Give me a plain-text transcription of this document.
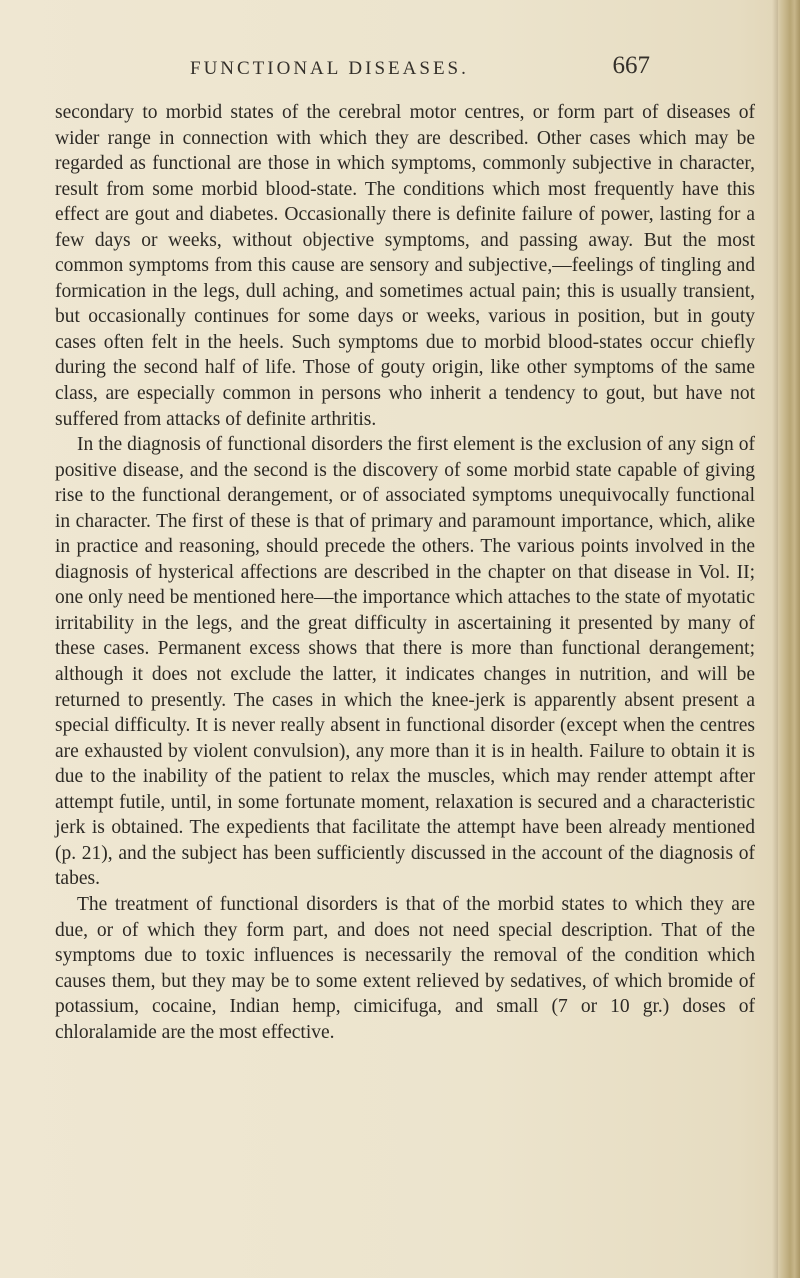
FUNCTIONAL DISEASES.	667

secondary to morbid states of the cerebral motor centres, or form part of diseases of wider range in connection with which they are described. Other cases which may be regarded as functional are those in which symptoms, commonly subjective in character, result from some morbid blood-state. The conditions which most frequently have this effect are gout and diabetes. Occasionally there is definite failure of power, lasting for a few days or weeks, without objective symptoms, and passing away. But the most common symptoms from this cause are sensory and subjective,—feelings of tingling and formication in the legs, dull aching, and sometimes actual pain; this is usually transient, but occasionally continues for some days or weeks, various in position, but in gouty cases often felt in the heels. Such symptoms due to morbid blood-states occur chiefly during the second half of life. Those of gouty origin, like other symptoms of the same class, are especially common in persons who inherit a tendency to gout, but have not suffered from attacks of definite arthritis.

In the diagnosis of functional disorders the first element is the exclusion of any sign of positive disease, and the second is the discovery of some morbid state capable of giving rise to the functional derangement, or of associated symptoms unequivocally functional in character. The first of these is that of primary and paramount importance, which, alike in practice and reasoning, should precede the others. The various points involved in the diagnosis of hysterical affections are described in the chapter on that disease in Vol. II; one only need be mentioned here—the importance which attaches to the state of myotatic irritability in the legs, and the great difficulty in ascertaining it presented by many of these cases. Permanent excess shows that there is more than functional derangement; although it does not exclude the latter, it indicates changes in nutrition, and will be returned to presently. The cases in which the knee-jerk is apparently absent present a special difficulty. It is never really absent in functional disorder (except when the centres are exhausted by violent convulsion), any more than it is in health. Failure to obtain it is due to the inability of the patient to relax the muscles, which may render attempt after attempt futile, until, in some fortunate moment, relaxation is secured and a characteristic jerk is obtained. The expedients that facilitate the attempt have been already mentioned (p. 21), and the subject has been sufficiently discussed in the account of the diagnosis of tabes.

The treatment of functional disorders is that of the morbid states to which they are due, or of which they form part, and does not need special description. That of the symptoms due to toxic influences is necessarily the removal of the condition which causes them, but they may be to some extent relieved by sedatives, of which bromide of potassium, cocaine, Indian hemp, cimicifuga, and small (7 or 10 gr.) doses of chloralamide are the most effective.
